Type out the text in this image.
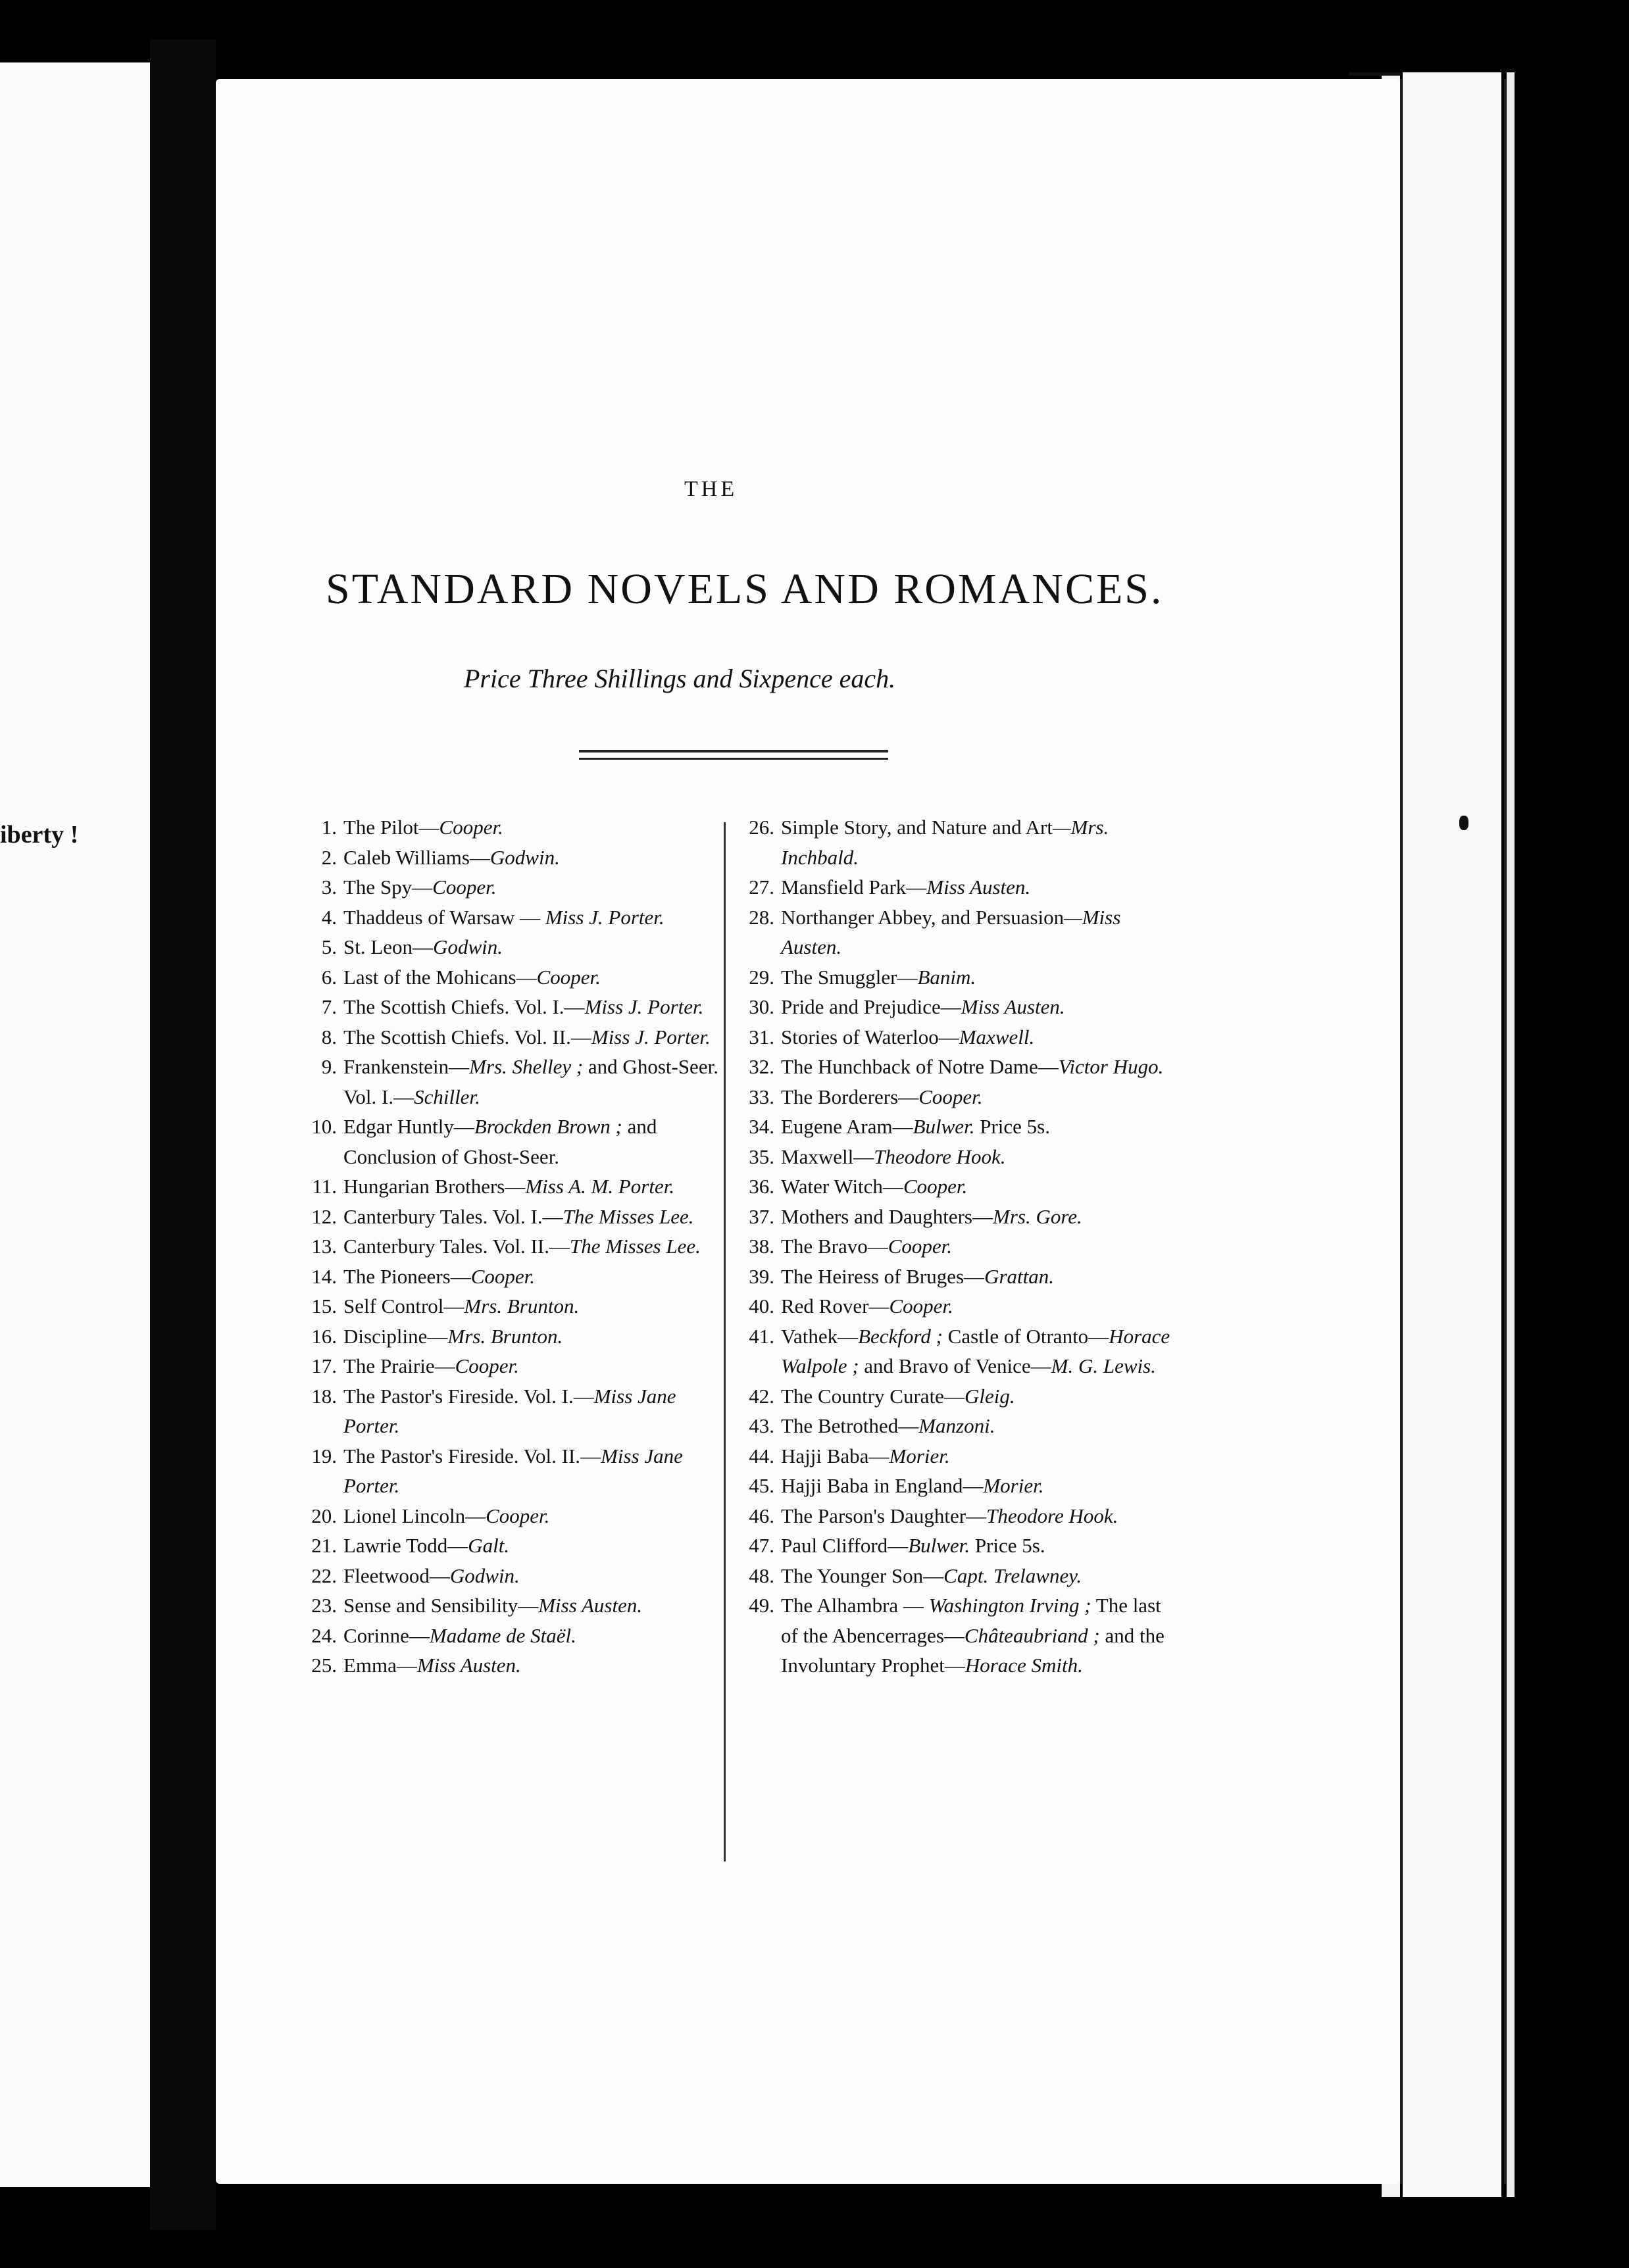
iberty !
THE
STANDARD NOVELS AND ROMANCES.
Price Three Shillings and Sixpence each.
1. The Pilot—Cooper.
2. Caleb Williams—Godwin.
3. The Spy—Cooper.
4. Thaddeus of Warsaw — Miss J. Porter.
5. St. Leon—Godwin.
6. Last of the Mohicans—Cooper.
7. The Scottish Chiefs. Vol. I.—Miss J. Porter.
8. The Scottish Chiefs. Vol. II.—Miss J. Porter.
9. Frankenstein—Mrs. Shelley ; and Ghost-Seer. Vol. I.—Schiller.
10. Edgar Huntly—Brockden Brown ; and Conclusion of Ghost-Seer.
11. Hungarian Brothers—Miss A. M. Porter.
12. Canterbury Tales. Vol. I.—The Misses Lee.
13. Canterbury Tales. Vol. II.—The Misses Lee.
14. The Pioneers—Cooper.
15. Self Control—Mrs. Brunton.
16. Discipline—Mrs. Brunton.
17. The Prairie—Cooper.
18. The Pastor's Fireside. Vol. I.—Miss Jane Porter.
19. The Pastor's Fireside. Vol. II.—Miss Jane Porter.
20. Lionel Lincoln—Cooper.
21. Lawrie Todd—Galt.
22. Fleetwood—Godwin.
23. Sense and Sensibility—Miss Austen.
24. Corinne—Madame de Staël.
25. Emma—Miss Austen.
26. Simple Story, and Nature and Art—Mrs. Inchbald.
27. Mansfield Park—Miss Austen.
28. Northanger Abbey, and Persuasion—Miss Austen.
29. The Smuggler—Banim.
30. Pride and Prejudice—Miss Austen.
31. Stories of Waterloo—Maxwell.
32. The Hunchback of Notre Dame—Victor Hugo.
33. The Borderers—Cooper.
34. Eugene Aram—Bulwer. Price 5s.
35. Maxwell—Theodore Hook.
36. Water Witch—Cooper.
37. Mothers and Daughters—Mrs. Gore.
38. The Bravo—Cooper.
39. The Heiress of Bruges—Grattan.
40. Red Rover—Cooper.
41. Vathek—Beckford ; Castle of Otranto—Horace Walpole ; and Bravo of Venice—M. G. Lewis.
42. The Country Curate—Gleig.
43. The Betrothed—Manzoni.
44. Hajji Baba—Morier.
45. Hajji Baba in England—Morier.
46. The Parson's Daughter—Theodore Hook.
47. Paul Clifford—Bulwer. Price 5s.
48. The Younger Son—Capt. Trelawney.
49. The Alhambra — Washington Irving ; The last of the Abencerrages—Châteaubriand ; and the Involuntary Prophet—Horace Smith.
